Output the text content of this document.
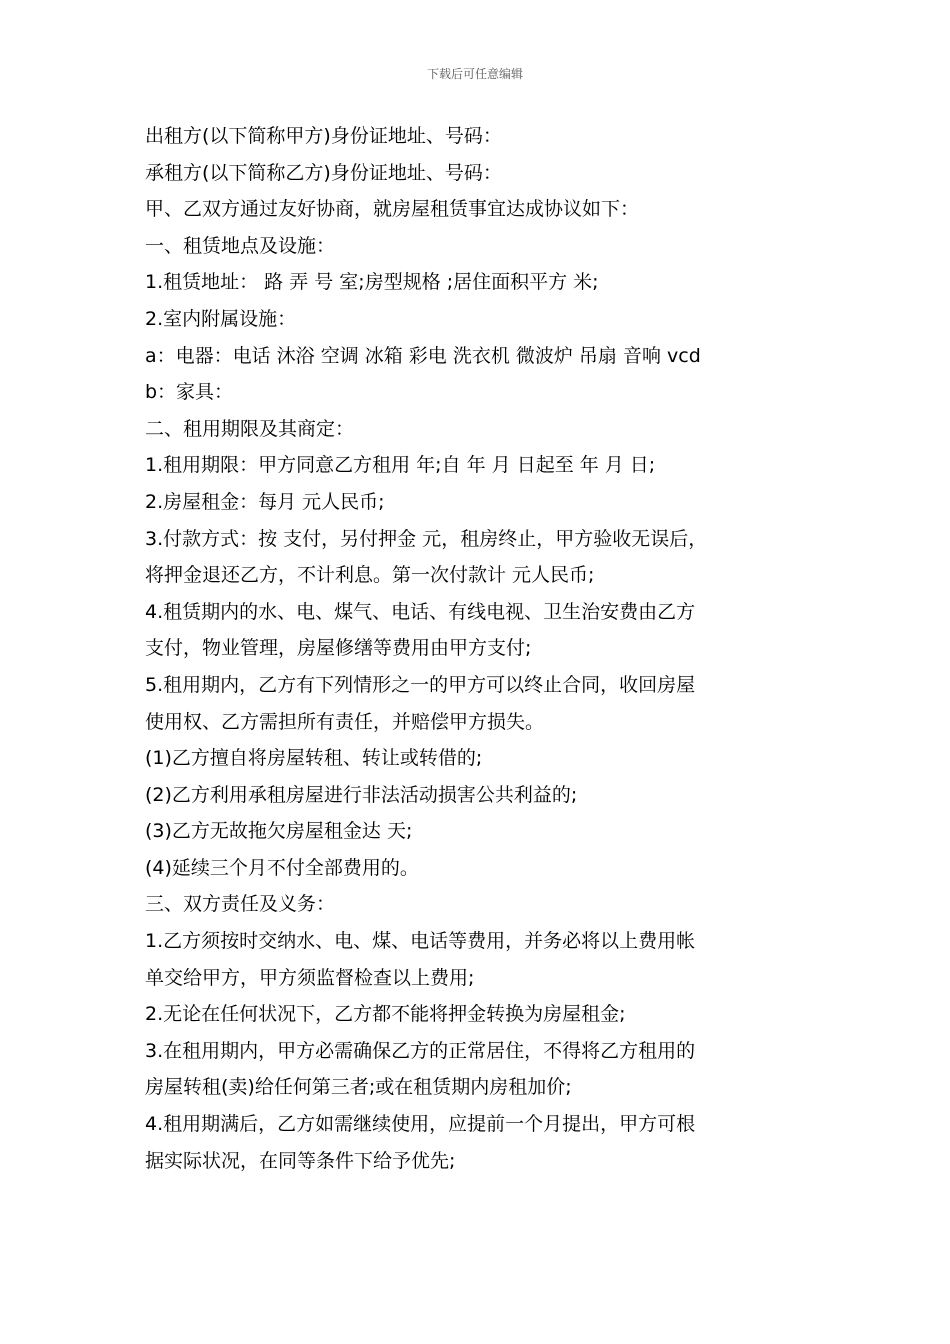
下载后可任意编辑
出租方(以下简称甲方)身份证地址、号码：
承租方(以下简称乙方)身份证地址、号码：
甲、乙双方通过友好协商，就房屋租赁事宜达成协议如下：
一、租赁地点及设施：
1.租赁地址： 路 弄 号 室;房型规格 ;居住面积平方 米;
2.室内附属设施：
a：电器：电话 沐浴 空调 冰箱 彩电 洗衣机 微波炉 吊扇 音响 vcd
b：家具：
二、租用期限及其商定：
1.租用期限：甲方同意乙方租用 年;自 年 月 日起至 年 月 日;
2.房屋租金：每月 元人民币;
3.付款方式：按 支付，另付押金 元，租房终止，甲方验收无误后，
将押金退还乙方，不计利息。第一次付款计 元人民币;
4.租赁期内的水、电、煤气、电话、有线电视、卫生治安费由乙方
支付，物业管理，房屋修缮等费用由甲方支付;
5.租用期内，乙方有下列情形之一的甲方可以终止合同，收回房屋
使用权、乙方需担所有责任，并赔偿甲方损失。
(1)乙方擅自将房屋转租、转让或转借的;
(2)乙方利用承租房屋进行非法活动损害公共利益的;
(3)乙方无故拖欠房屋租金达 天;
(4)延续三个月不付全部费用的。
三、双方责任及义务：
1.乙方须按时交纳水、电、煤、电话等费用，并务必将以上费用帐
单交给甲方，甲方须监督检查以上费用;
2.无论在任何状况下，乙方都不能将押金转换为房屋租金;
3.在租用期内，甲方必需确保乙方的正常居住，不得将乙方租用的
房屋转租(卖)给任何第三者;或在租赁期内房租加价;
4.租用期满后，乙方如需继续使用，应提前一个月提出，甲方可根
据实际状况，在同等条件下给予优先;
